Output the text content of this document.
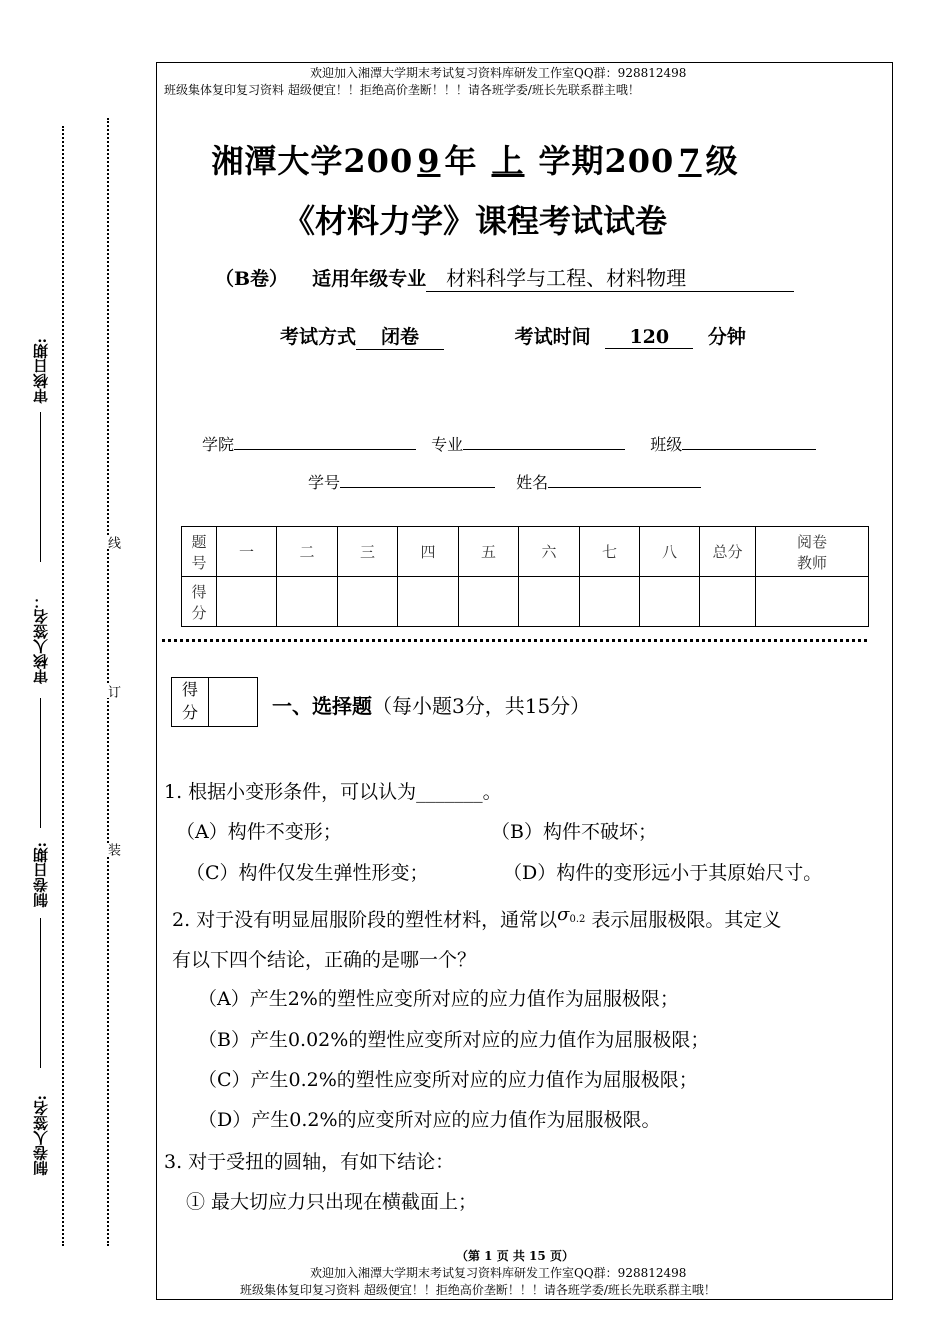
审核日期:
审核人签名：
制卷日期:
制卷人签名:
线
订
装
欢迎加入湘潭大学期末考试复习资料库研发工作室QQ群：928812498
班级集体复印复习资料 超级便宜！！拒绝高价垄断！！！请各班学委/班长先联系群主哦！
湘潭大学200 9 年 上 学期200 7 级
《材料力学》课程考试试卷
（B卷） 适用年级专业 材料科学与工程、材料物理
考试方式 闭卷	考试时间 120 分钟
学院	专业	班级
学号	姓名
题
号	一	二	三	四	五	六	七	八	总分	阅卷
教师
得
分										
得
分	一、选择题（每小题3分，共15分）
1. 根据小变形条件，可以认为_______。
（A）构件不变形；	（B）构件不破坏；
（C）构件仅发生弹性形变；	（D）构件的变形远小于其原始尺寸。
2. 对于没有明显屈服阶段的塑性材料，通常以$\sigma^{0.2}$ 表示屈服极限。其定义
有以下四个结论，正确的是哪一个？
（A）产生2%的塑性应变所对应的应力值作为屈服极限；
（B）产生0.02%的塑性应变所对应的应力值作为屈服极限；
（C）产生0.2%的塑性应变所对应的应力值作为屈服极限；
（D）产生0.2%的应变所对应的应力值作为屈服极限。
3. 对于受扭的圆轴，有如下结论：
① 最大切应力只出现在横截面上；
（第 1 页 共 15 页）
欢迎加入湘潭大学期末考试复习资料库研发工作室QQ群：928812498
班级集体复印复习资料 超级便宜！！拒绝高价垄断！！！请各班学委/班长先联系群主哦！
